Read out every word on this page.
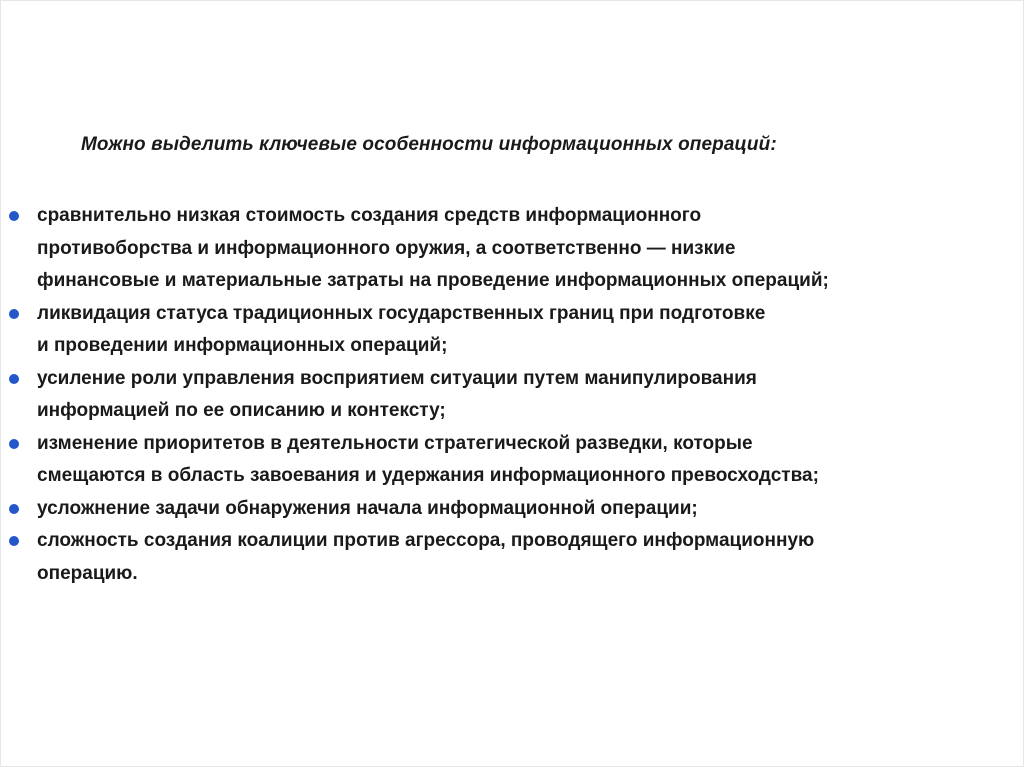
Можно выделить ключевые особенности информационных операций:
сравнительно низкая стоимость создания средств информационного
противоборства и информационного оружия, а соответственно — низкие
финансовые и материальные затраты на проведение информационных операций;
ликвидация статуса традиционных государственных границ при подготовке
и проведении информационных операций;
усиление роли управления восприятием ситуации путем манипулирования
информацией по ее описанию и контексту;
изменение приоритетов в деятельности стратегической разведки, которые
смещаются в область завоевания и удержания информационного превосходства;
усложнение задачи обнаружения начала информационной операции;
сложность создания коалиции против агрессора, проводящего информационную
операцию.
